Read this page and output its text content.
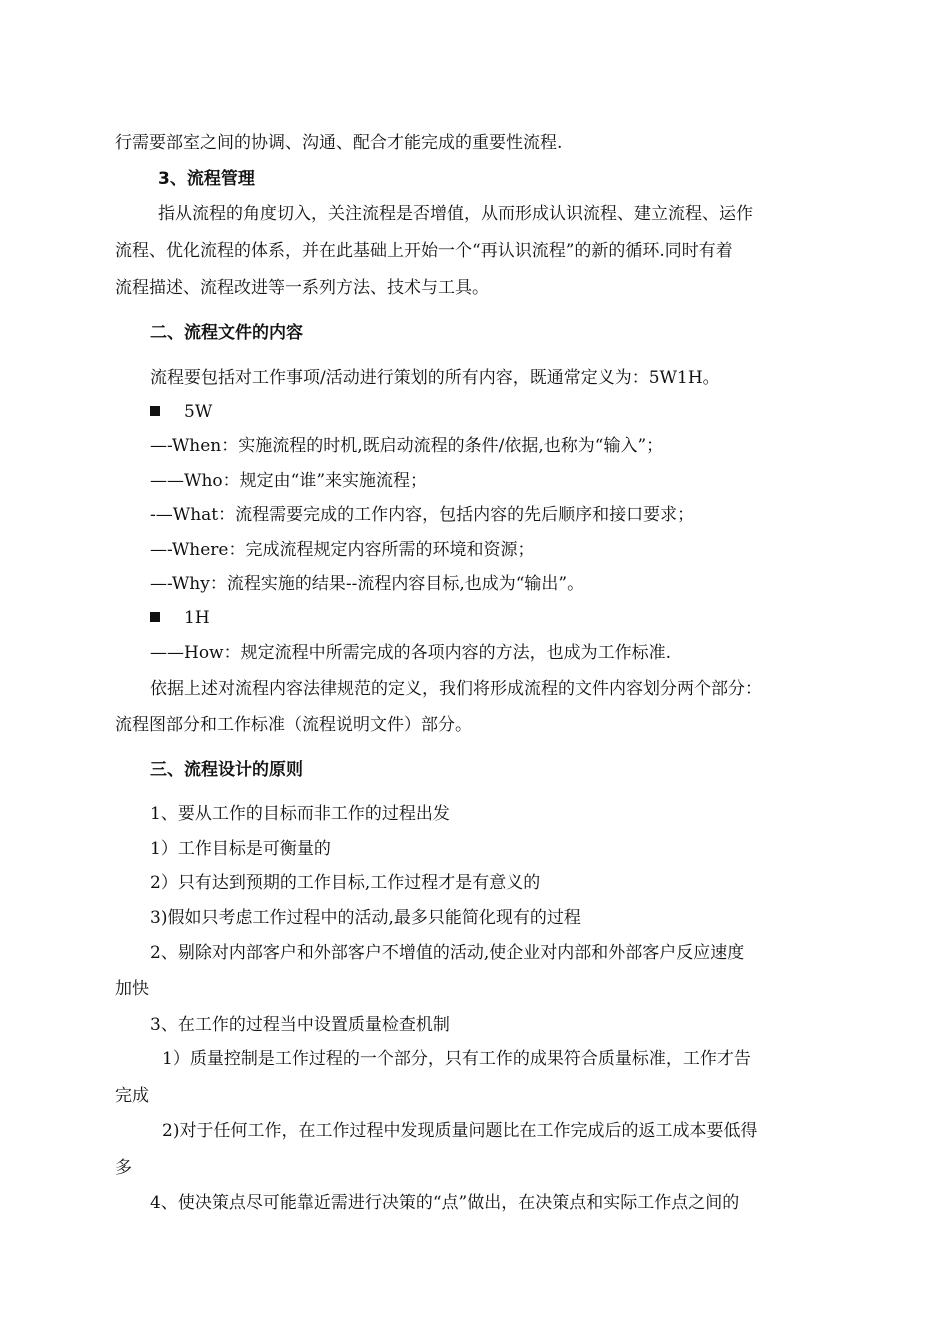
行需要部室之间的协调、沟通、配合才能完成的重要性流程.
3、流程管理
指从流程的角度切入，关注流程是否增值，从而形成认识流程、建立流程、运作
流程、优化流程的体系，并在此基础上开始一个“再认识流程”的新的循环.同时有着
流程描述、流程改进等一系列方法、技术与工具。
二、流程文件的内容
流程要包括对工作事项/活动进行策划的所有内容，既通常定义为：5W1H。
5W
—-When：实施流程的时机,既启动流程的条件/依据,也称为“输入”；
——Who：规定由“谁”来实施流程；
-—What：流程需要完成的工作内容，包括内容的先后顺序和接口要求；
—-Where：完成流程规定内容所需的环境和资源；
—-Why：流程实施的结果--流程内容目标,也成为“输出”。
1H
——How：规定流程中所需完成的各项内容的方法，也成为工作标准.
依据上述对流程内容法律规范的定义，我们将形成流程的文件内容划分两个部分：
流程图部分和工作标准（流程说明文件）部分。
三、流程设计的原则
1、要从工作的目标而非工作的过程出发
1）工作目标是可衡量的
2）只有达到预期的工作目标,工作过程才是有意义的
3)假如只考虑工作过程中的活动,最多只能简化现有的过程
2、剔除对内部客户和外部客户不增值的活动,使企业对内部和外部客户反应速度
加快
3、在工作的过程当中设置质量检查机制
1）质量控制是工作过程的一个部分，只有工作的成果符合质量标准，工作才告
完成
2)对于任何工作，在工作过程中发现质量问题比在工作完成后的返工成本要低得
多
4、使决策点尽可能靠近需进行决策的“点”做出，在决策点和实际工作点之间的
